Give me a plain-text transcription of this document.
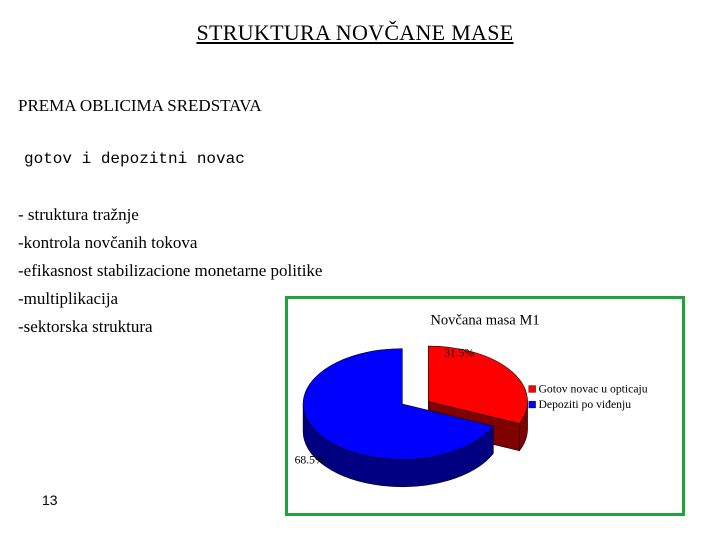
STRUKTURA NOVČANE MASE
PREMA OBLICIMA SREDSTAVA
gotov i depozitni novac
- struktura tražnje
-kontrola novčanih tokova
-efikasnost stabilizacione monetarne politike
-multiplikacija
-sektorska struktura
13
Novčana masa M1
31.5%
68.5%
Gotov novac u opticaju
Depoziti po viđenju
